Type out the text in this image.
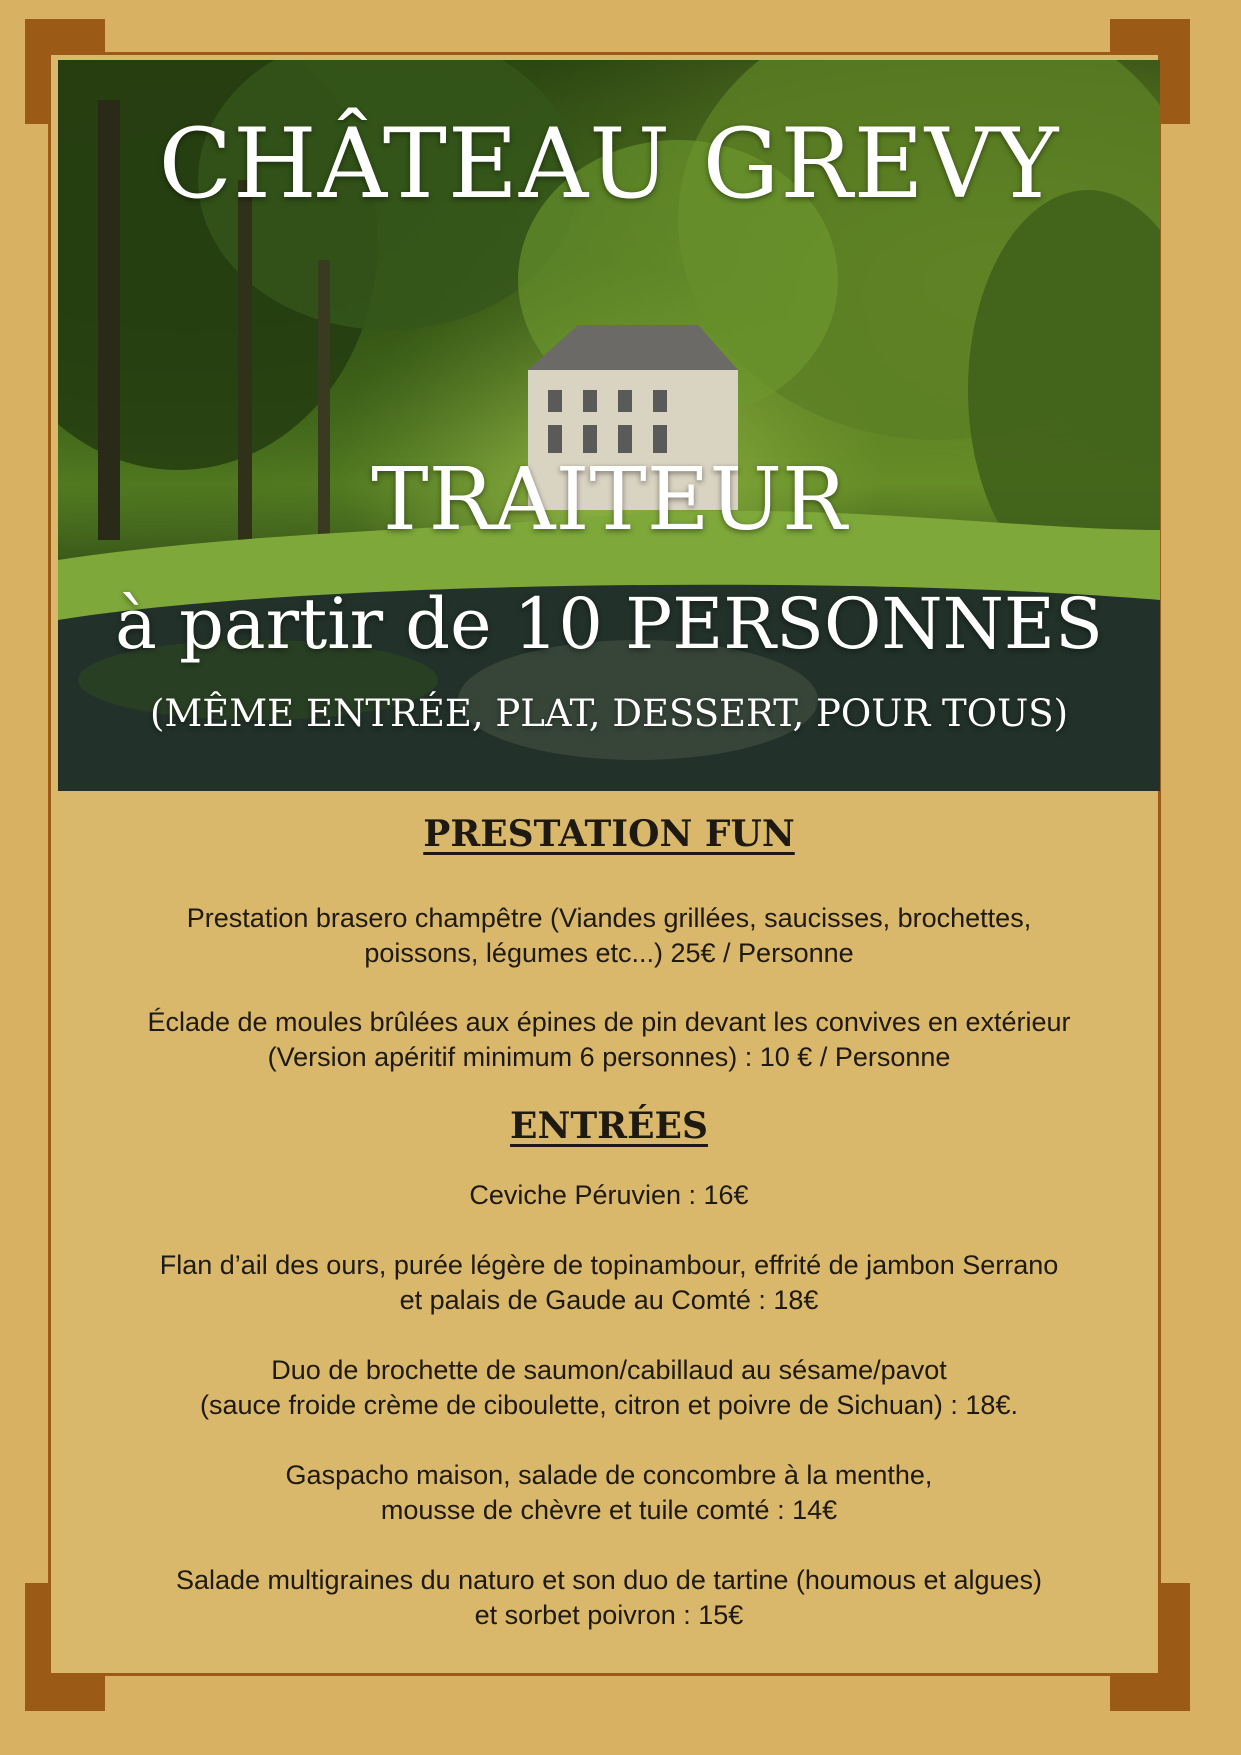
CHÂTEAU GREVY
TRAITEUR
à partir de 10 PERSONNES
(MÊME ENTRÉE, PLAT, DESSERT, POUR TOUS)
PRESTATION FUN

Prestation brasero champêtre (Viandes grillées, saucisses, brochettes,
poissons, légumes etc...) 25€ / Personne

Éclade de moules brûlées aux épines de pin devant les convives en extérieur
(Version apéritif minimum 6 personnes) : 10 € / Personne

ENTRÉES

Ceviche Péruvien : 16€

Flan d’ail des ours, purée légère de topinambour, effrité de jambon Serrano
et palais de Gaude au Comté : 18€

Duo de brochette de saumon/cabillaud au sésame/pavot
(sauce froide crème de ciboulette, citron et poivre de Sichuan) : 18€.

Gaspacho maison, salade de concombre à la menthe,
mousse de chèvre et tuile comté : 14€

Salade multigraines du naturo et son duo de tartine (houmous et algues)
et sorbet poivron : 15€
